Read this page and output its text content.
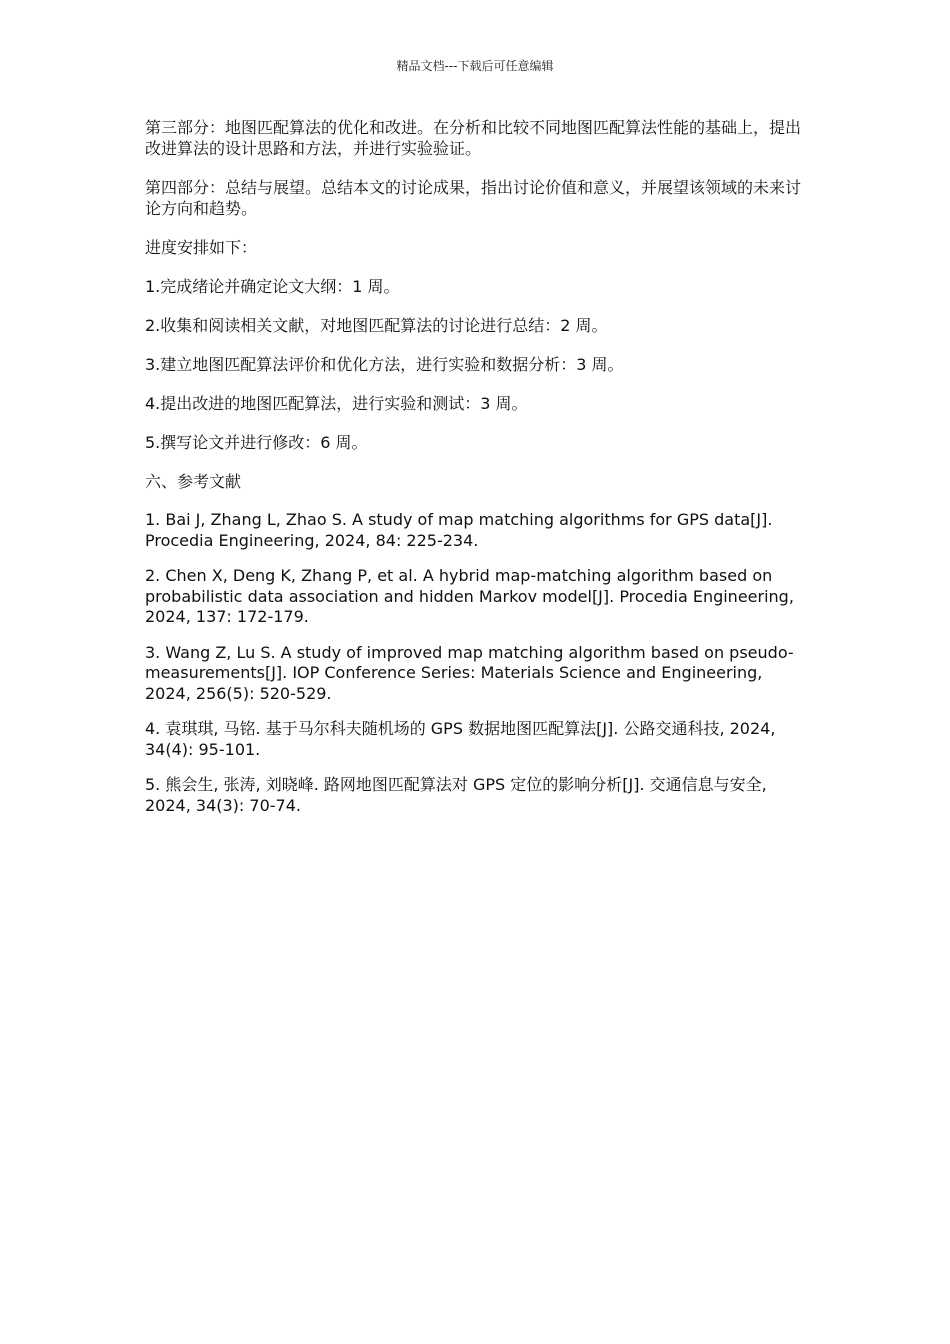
精品文档---下载后可任意编辑

第三部分：地图匹配算法的优化和改进。在分析和比较不同地图匹配算法性能的基础上，提出改进算法的设计思路和方法，并进行实验验证。

第四部分：总结与展望。总结本文的讨论成果，指出讨论价值和意义，并展望该领域的未来讨论方向和趋势。

进度安排如下：

1.完成绪论并确定论文大纲：1 周。

2.收集和阅读相关文献，对地图匹配算法的讨论进行总结：2 周。

3.建立地图匹配算法评价和优化方法，进行实验和数据分析：3 周。

4.提出改进的地图匹配算法，进行实验和测试：3 周。

5.撰写论文并进行修改：6 周。

六、参考文献

1. Bai J, Zhang L, Zhao S. A study of map matching algorithms for GPS data[J]. Procedia Engineering, 2024, 84: 225-234.

2. Chen X, Deng K, Zhang P, et al. A hybrid map-matching algorithm based on probabilistic data association and hidden Markov model[J]. Procedia Engineering, 2024, 137: 172-179.

3. Wang Z, Lu S. A study of improved map matching algorithm based on pseudo-measurements[J]. IOP Conference Series: Materials Science and Engineering, 2024, 256(5): 520-529.

4. 袁琪琪, 马铭. 基于马尔科夫随机场的 GPS 数据地图匹配算法[J]. 公路交通科技, 2024, 34(4): 95-101.

5. 熊会生, 张涛, 刘晓峰. 路网地图匹配算法对 GPS 定位的影响分析[J]. 交通信息与安全, 2024, 34(3): 70-74.
